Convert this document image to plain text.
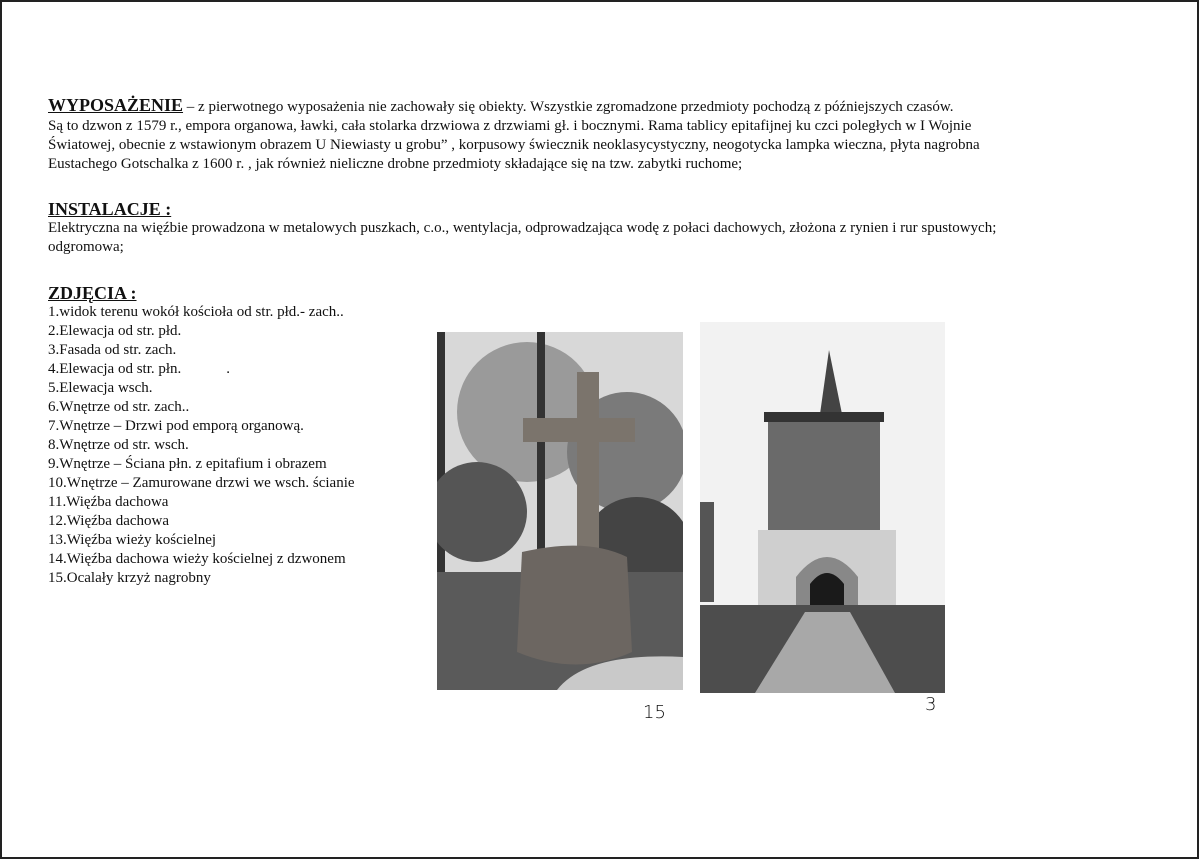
WYPOSAŻENIE – z pierwotnego wyposażenia nie zachowały się obiekty. Wszystkie zgromadzone przedmioty pochodzą z późniejszych czasów.
Są to dzwon z 1579 r., empora organowa, ławki, cała stolarka drzwiowa z drzwiami gł. i bocznymi. Rama tablicy epitafijnej ku czci poległych w I Wojnie
Światowej, obecnie z wstawionym obrazem U Niewiasty u grobu” , korpusowy świecznik neoklasycystyczny, neogotycka lampka wieczna, płyta nagrobna
Eustachego Gotschalka z 1600 r. , jak również nieliczne drobne przedmioty składające się na tzw. zabytki ruchome;
INSTALACJE :
Elektryczna na więźbie prowadzona w metalowych puszkach, c.o., wentylacja, odprowadzająca wodę z połaci dachowych, złożona z rynien i rur spustowych;
odgromowa;
ZDJĘCIA :
1.widok terenu wokół kościoła od str. płd.- zach..
2.Elewacja od str. płd.
3.Fasada od str. zach.
4.Elewacja od str. płn.            .
5.Elewacja wsch.
6.Wnętrze od str. zach..
7.Wnętrze – Drzwi pod emporą organową.
8.Wnętrze od str. wsch.
9.Wnętrze – Ściana płn. z epitafium i obrazem
10.Wnętrze – Zamurowane drzwi we wsch. ścianie
11.Więźba dachowa
12.Więźba dachowa
13.Więźba wieży kościelnej
14.Więźba dachowa wieży kościelnej z dzwonem
15.Ocalały krzyż nagrobny
15	3
